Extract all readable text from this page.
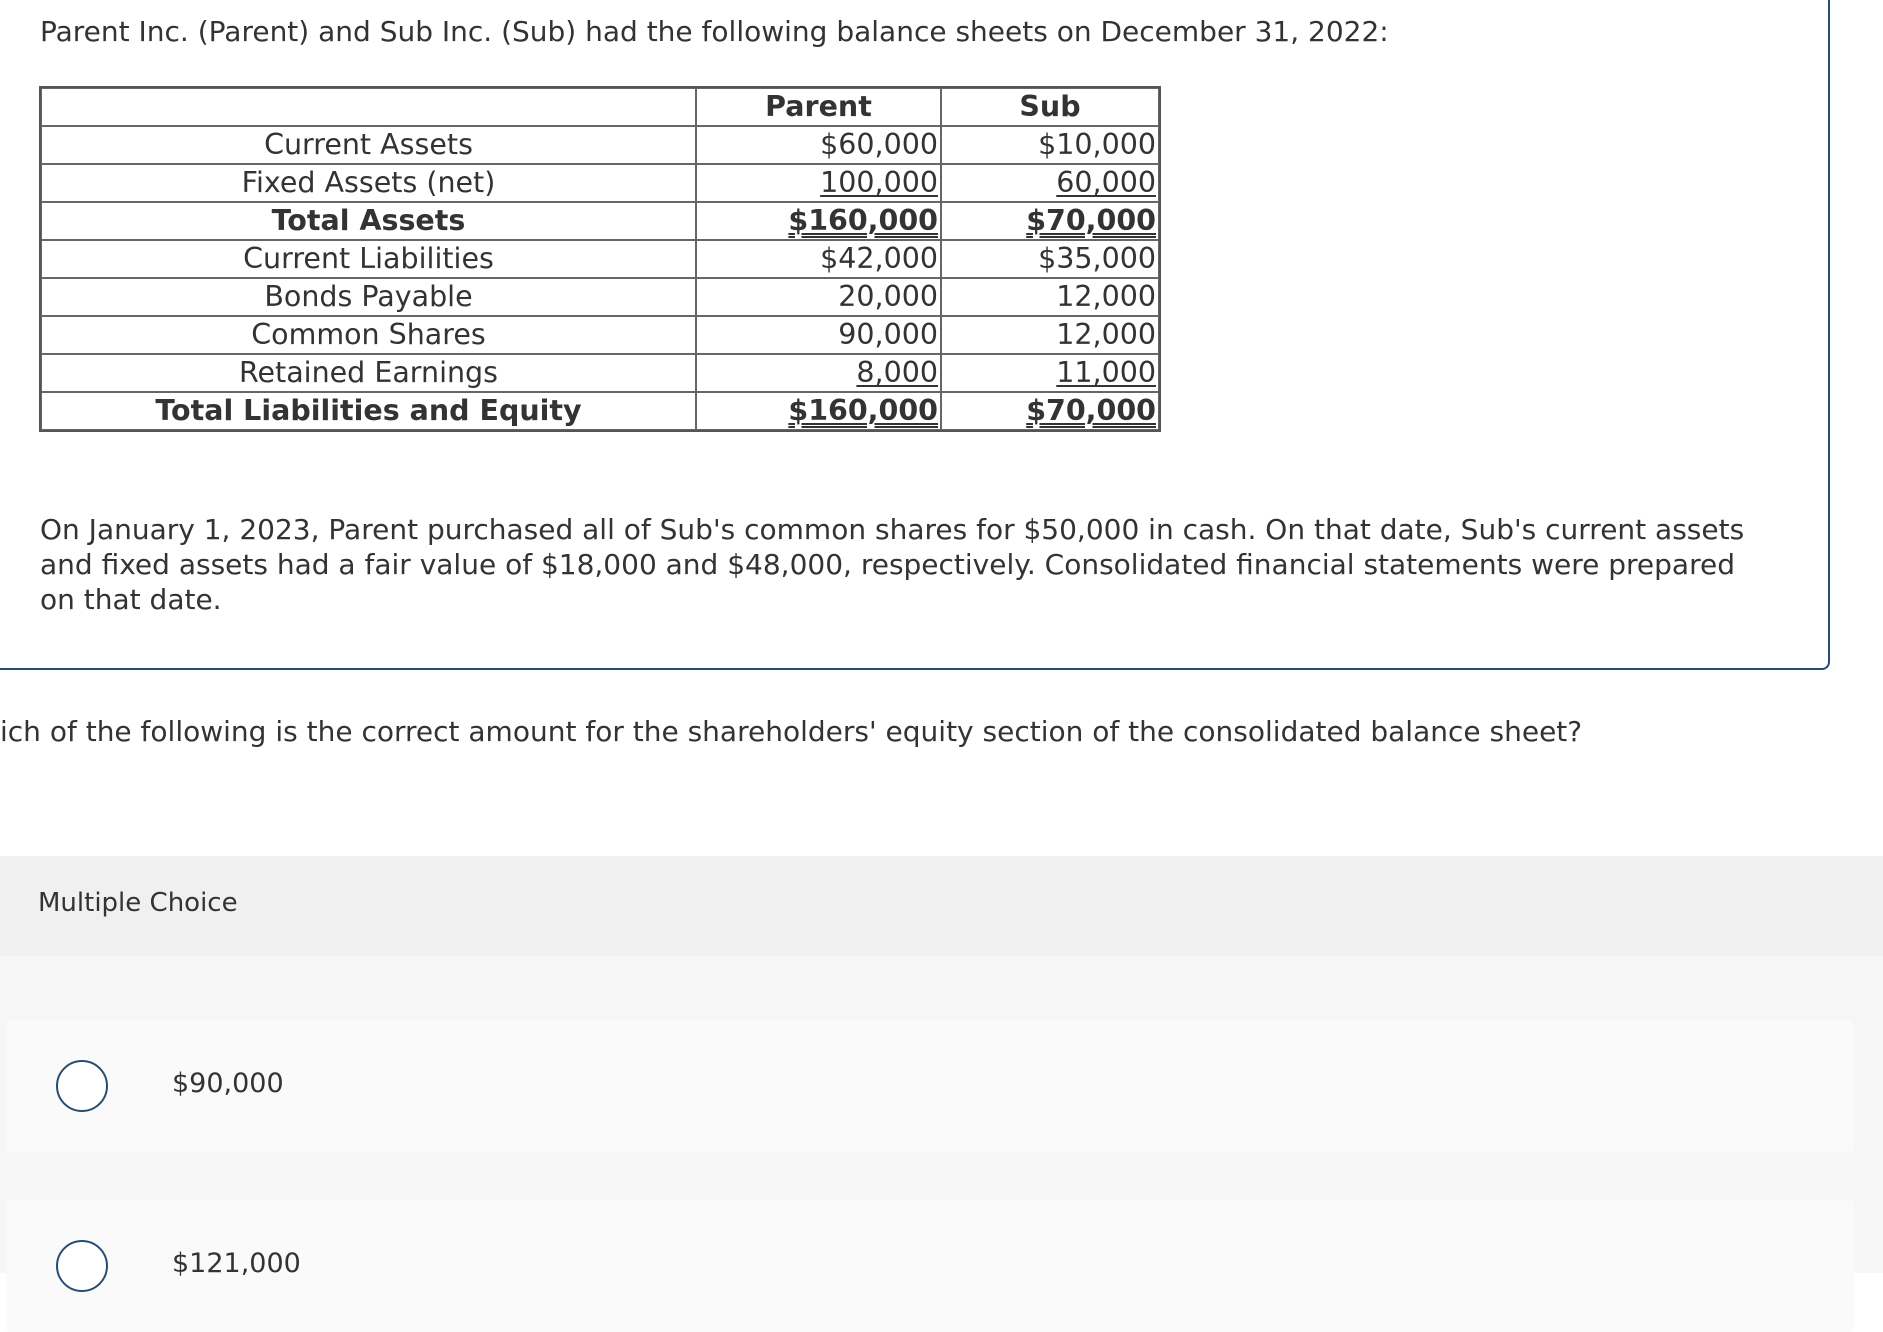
Parent Inc. (Parent) and Sub Inc. (Sub) had the following balance sheets on December 31, 2022:

	Parent	Sub
Current Assets	$60,000	$10,000
Fixed Assets (net)	100,000	60,000
Total Assets	$160,000	$70,000
Current Liabilities	$42,000	$35,000
Bonds Payable	20,000	12,000
Common Shares	90,000	12,000
Retained Earnings	8,000	11,000
Total Liabilities and Equity	$160,000	$70,000

On January 1, 2023, Parent purchased all of Sub's common shares for $50,000 in cash. On that date, Sub's current assets and fixed assets had a fair value of $18,000 and $48,000, respectively. Consolidated financial statements were prepared on that date.

ich of the following is the correct amount for the shareholders' equity section of the consolidated balance sheet?

Multiple Choice
$90,000
$121,000
